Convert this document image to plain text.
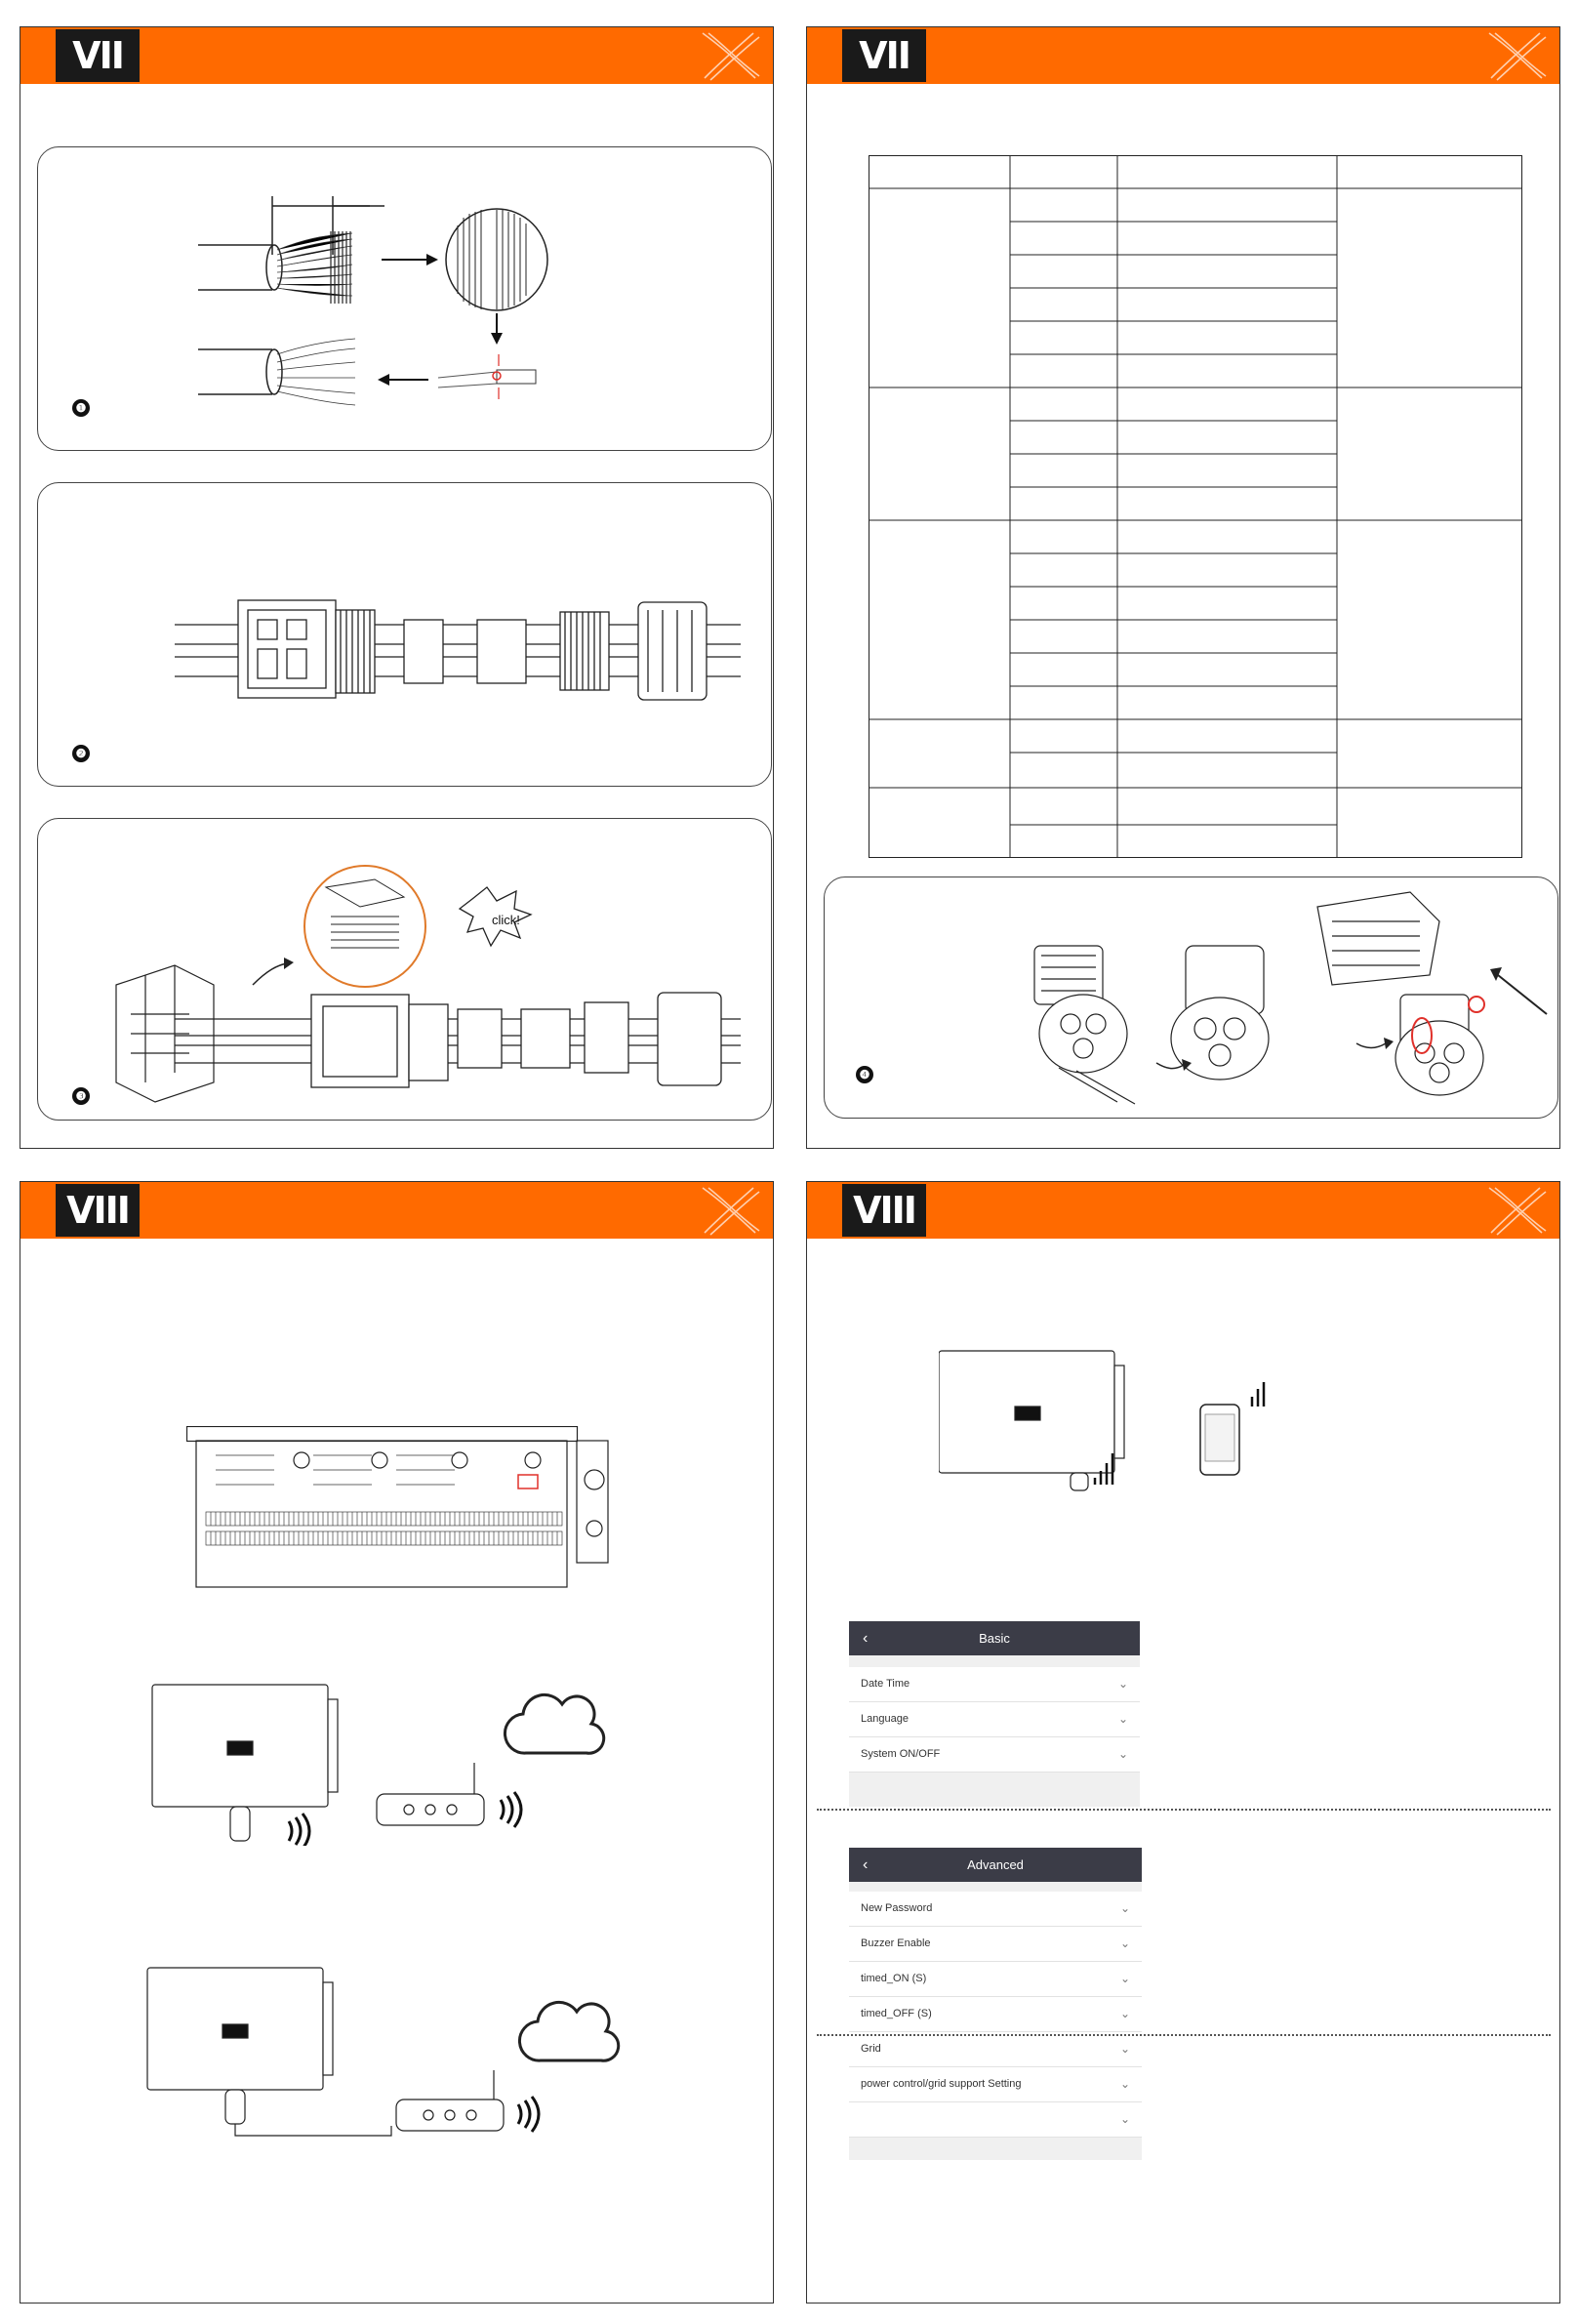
VII
❶
❷
click!
❸
VII
❹
VIII	VIII
‹	Basic
Date Time	⌄
Language	⌄
System ON/OFF	⌄
‹	Advanced
New Password	⌄
Buzzer Enable	⌄
timed_ON (S)	⌄
timed_OFF (S)	⌄
Grid	⌄
power control/grid support Setting	⌄
⌄
